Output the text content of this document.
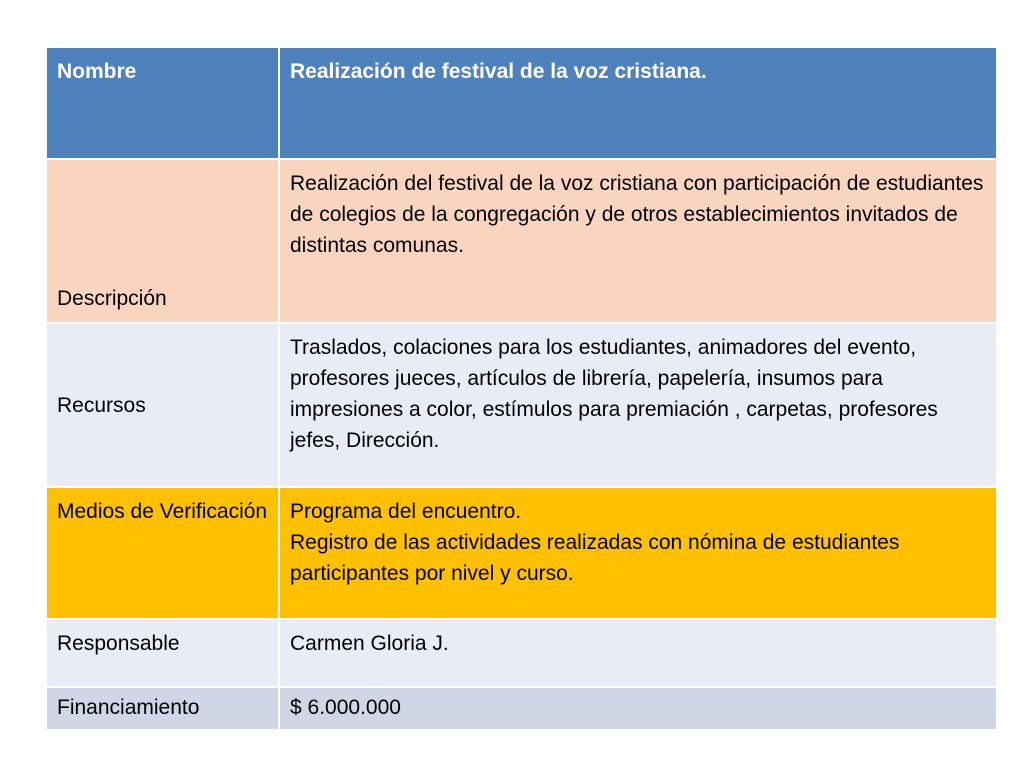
Nombre	Realización de festival de la voz cristiana.
Descripción	Realización del festival de la voz cristiana con participación de estudiantes de colegios de la congregación y de otros establecimientos invitados de distintas comunas.
Recursos	Traslados, colaciones para los estudiantes, animadores del evento, profesores jueces, artículos de librería, papelería, insumos para impresiones a color, estímulos para premiación , carpetas, profesores jefes, Dirección.
Medios de Verificación	Programa del encuentro.
Registro de las actividades realizadas con nómina de estudiantes participantes por nivel y curso.

Responsable	Carmen Gloria J.
Financiamiento	$ 6.000.000
